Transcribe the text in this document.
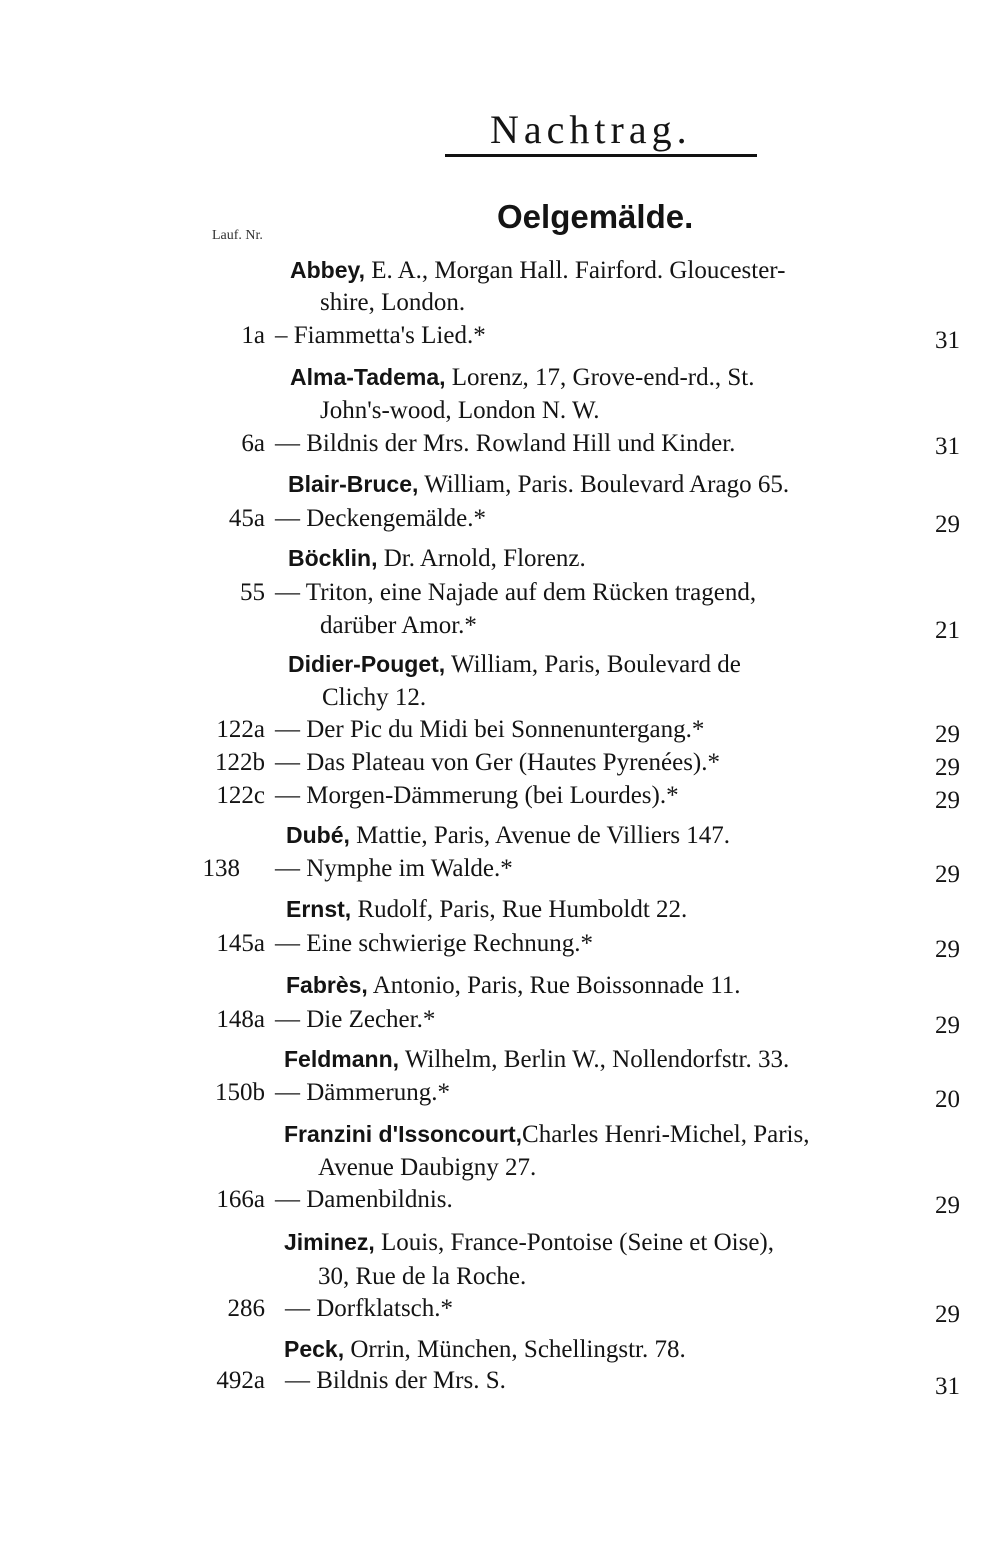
Nachtrag.
Oelgemälde.
Lauf. Nr.
Abbey, E. A., Morgan Hall. Fairford. Gloucester-
shire, London.
1a – Fiammetta's Lied.*	31
Alma-Tadema, Lorenz, 17, Grove-end-rd., St.
John's-wood, London N. W.
6a — Bildnis der Mrs. Rowland Hill und Kinder.	31
Blair-Bruce, William, Paris. Boulevard Arago 65.
45a — Deckengemälde.*	29
Böcklin, Dr. Arnold, Florenz.
55 — Triton, eine Najade auf dem Rücken tragend,
darüber Amor.*	21
Didier-Pouget, William, Paris, Boulevard de
Clichy 12.
122a — Der Pic du Midi bei Sonnenuntergang.*	29
122b — Das Plateau von Ger (Hautes Pyrenées).*	29
122c — Morgen-Dämmerung (bei Lourdes).*	29
Dubé, Mattie, Paris, Avenue de Villiers 147.
138 — Nymphe im Walde.*	29
Ernst, Rudolf, Paris, Rue Humboldt 22.
145a — Eine schwierige Rechnung.*	29
Fabrès, Antonio, Paris, Rue Boissonnade 11.
148a — Die Zecher.*	29
Feldmann, Wilhelm, Berlin W., Nollendorfstr. 33.
150b — Dämmerung.*	20
Franzini d'Issoncourt,Charles Henri-Michel, Paris,
Avenue Daubigny 27.
166a — Damenbildnis.	29
Jiminez, Louis, France-Pontoise (Seine et Oise),
30, Rue de la Roche.
286 — Dorfklatsch.*	29
Peck, Orrin, München, Schellingstr. 78.
492a — Bildnis der Mrs. S.	31
